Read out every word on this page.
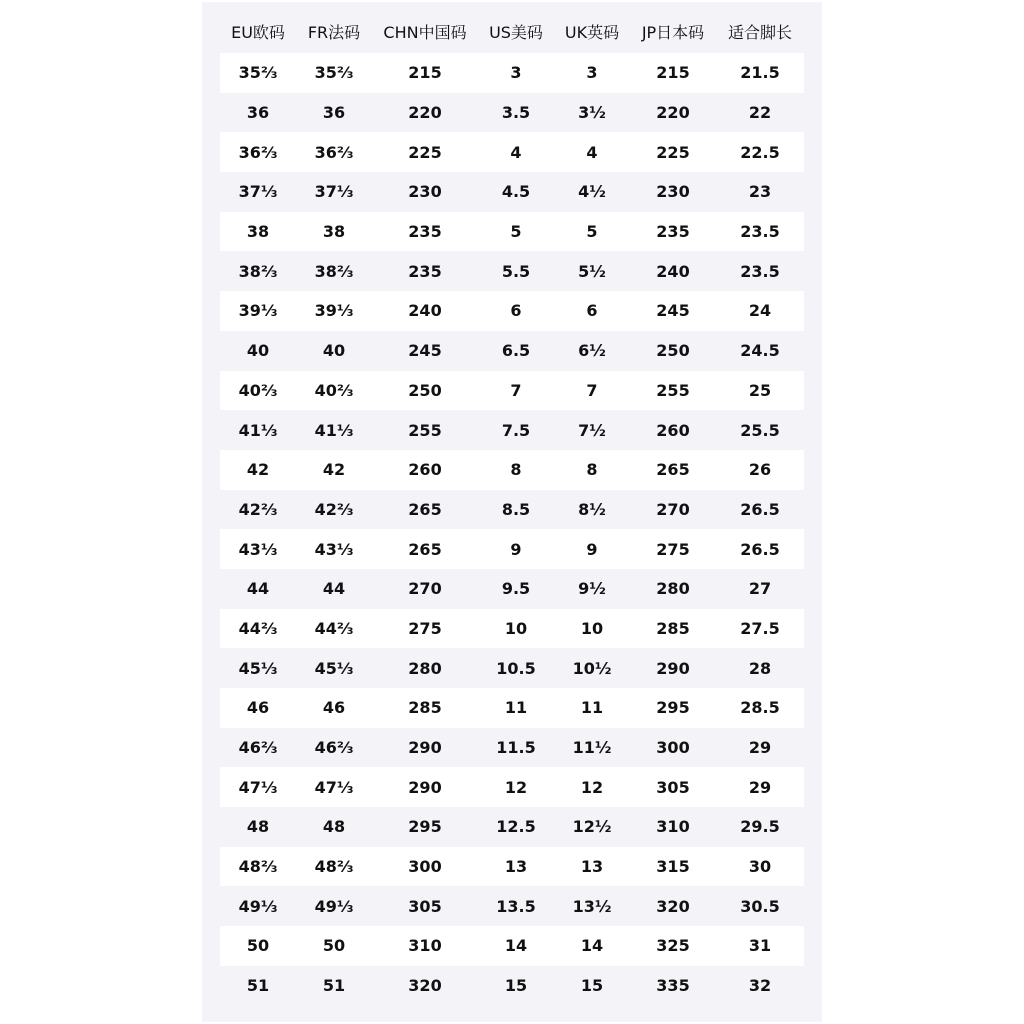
EU欧码	FR法码	CHN中国码	US美码	UK英码	JP日本码	适合脚长
35⅔	35⅔	215	3	3	215	21.5
36	36	220	3.5	3½	220	22
36⅔	36⅔	225	4	4	225	22.5
37⅓	37⅓	230	4.5	4½	230	23
38	38	235	5	5	235	23.5
38⅔	38⅔	235	5.5	5½	240	23.5
39⅓	39⅓	240	6	6	245	24
40	40	245	6.5	6½	250	24.5
40⅔	40⅔	250	7	7	255	25
41⅓	41⅓	255	7.5	7½	260	25.5
42	42	260	8	8	265	26
42⅔	42⅔	265	8.5	8½	270	26.5
43⅓	43⅓	265	9	9	275	26.5
44	44	270	9.5	9½	280	27
44⅔	44⅔	275	10	10	285	27.5
45⅓	45⅓	280	10.5	10½	290	28
46	46	285	11	11	295	28.5
46⅔	46⅔	290	11.5	11½	300	29
47⅓	47⅓	290	12	12	305	29
48	48	295	12.5	12½	310	29.5
48⅔	48⅔	300	13	13	315	30
49⅓	49⅓	305	13.5	13½	320	30.5
50	50	310	14	14	325	31
51	51	320	15	15	335	32
